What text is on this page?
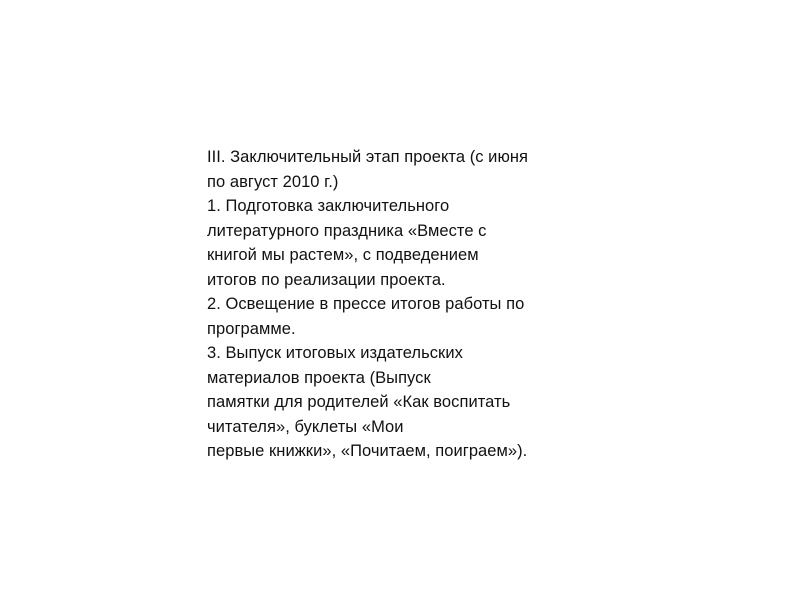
III. Заключительный этап проекта (с июня
по август 2010 г.)
1. Подготовка заключительного
литературного праздника «Вместе с
книгой мы растем», с подведением
итогов по реализации проекта.
2. Освещение в прессе итогов работы по
программе.
3. Выпуск итоговых издательских
материалов проекта (Выпуск
памятки для родителей «Как воспитать
читателя», буклеты «Мои
первые книжки», «Почитаем, поиграем»).
